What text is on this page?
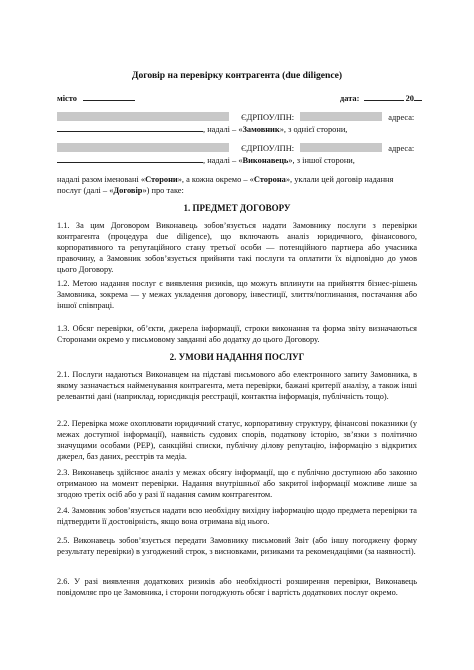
Договір на перевірку контрагента (due diligence)
місто	дата:	20
ЄДРПОУ/ІПН:	адреса:
, надалі – «Замовник», з однієї сторони,
ЄДРПОУ/ІПН:	адреса:
, надалі – «Виконавець», з іншої сторони,
надалі разом іменовані «Сторони», а кожна окремо – «Сторона», уклали цей договір надання
послуг (далі – «Договір») про таке:
1. ПРЕДМЕТ ДОГОВОРУ
1.1. За цим Договором Виконавець зобов’язується надати Замовнику послуги з перевірки контрагента (процедура due diligence), що включають аналіз юридичного, фінансового, корпоративного та репутаційного стану третьої особи — потенційного партнера або учасника правочину, а Замовник зобов’язується прийняти такі послуги та оплатити їх відповідно до умов цього Договору.
1.2. Метою надання послуг є виявлення ризиків, що можуть вплинути на прийняття бізнес-рішень Замовника, зокрема — у межах укладення договору, інвестиції, злиття/поглинання, постачання або іншої співпраці.
1.3. Обсяг перевірки, об’єкти, джерела інформації, строки виконання та форма звіту визначаються Сторонами окремо у письмовому завданні або додатку до цього Договору.
2. УМОВИ НАДАННЯ ПОСЛУГ
2.1. Послуги надаються Виконавцем на підставі письмового або електронного запиту Замовника, в якому зазначається найменування контрагента, мета перевірки, бажані критерії аналізу, а також інші релевантні дані (наприклад, юрисдикція реєстрації, контактна інформація, публічність тощо).
2.2. Перевірка може охоплювати юридичний статус, корпоративну структуру, фінансові показники (у межах доступної інформації), наявність судових спорів, податкову історію, зв’язки з політично значущими особами (PEP), санкційні списки, публічну ділову репутацію, інформацію з відкритих джерел, баз даних, реєстрів та медіа.
2.3. Виконавець здійснює аналіз у межах обсягу інформації, що є публічно доступною або законно отриманою на момент перевірки. Надання внутрішньої або закритої інформації можливе лише за згодою третіх осіб або у разі її надання самим контрагентом.
2.4. Замовник зобов’язується надати всю необхідну вихідну інформацію щодо предмета перевірки та підтвердити її достовірність, якщо вона отримана від нього.
2.5. Виконавець зобов’язується передати Замовнику письмовий Звіт (або іншу погоджену форму результату перевірки) в узгоджений строк, з висновками, ризиками та рекомендаціями (за наявності).
2.6. У разі виявлення додаткових ризиків або необхідності розширення перевірки, Виконавець повідомляє про це Замовника, і сторони погоджують обсяг і вартість додаткових послуг окремо.
